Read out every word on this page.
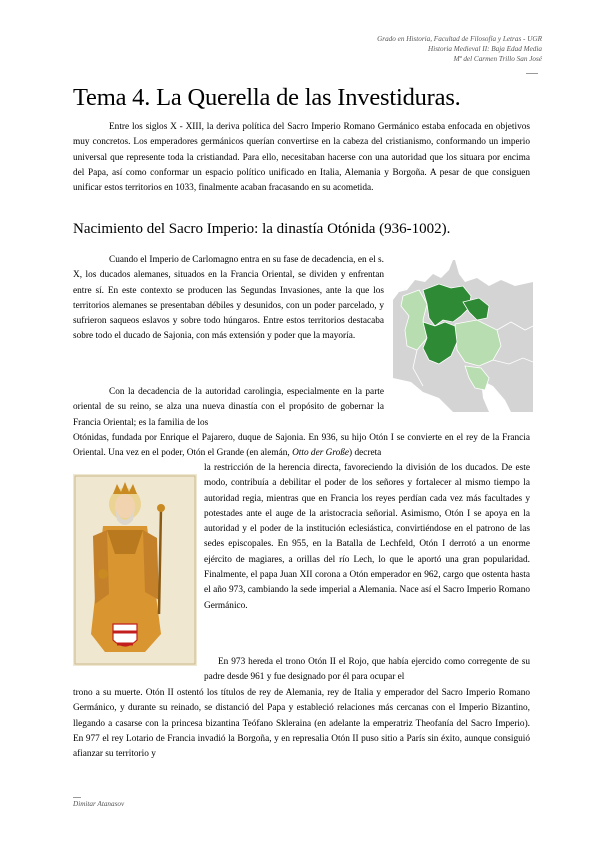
Grado en Historia, Facultad de Filosofía y Letras - UGR
Historia Medieval II: Baja Edad Media
Mª del Carmen Trillo San José
Tema 4. La Querella de las Investiduras.

Entre los siglos X - XIII, la deriva política del Sacro Imperio Romano Germánico estaba enfocada en objetivos muy concretos. Los emperadores germánicos querían convertirse en la cabeza del cristianismo, conformando un imperio universal que represente toda la cristiandad. Para ello, necesitaban hacerse con una autoridad que los situara por encima del Papa, así como conformar un espacio político unificado en Italia, Alemania y Borgoña. A pesar de que consiguen unificar estos territorios en 1033, finalmente acaban fracasando en su acometida.

Nacimiento del Sacro Imperio: la dinastía Otónida (936-1002).

Cuando el Imperio de Carlomagno entra en su fase de decadencia, en el s. X, los ducados alemanes, situados en la Francia Oriental, se dividen y enfrentan entre sí. En este contexto se producen las Segundas Invasiones, ante la que los territorios alemanes se presentaban débiles y desunidos, con un poder parcelado, y sufrieron saqueos eslavos y sobre todo húngaros. Entre estos territorios destacaba sobre todo el ducado de Sajonia, con más extensión y poder que la mayoría.

Con la decadencia de la autoridad carolingia, especialmente en la parte oriental de su reino, se alza una nueva dinastía con el propósito de gobernar la Francia Oriental; es la familia de los

Otónidas, fundada por Enrique el Pajarero, duque de Sajonia. En 936, su hijo Otón I se convierte en el rey de la Francia Oriental. Una vez en el poder, Otón el Grande (en alemán, Otto der Große) decreta

la restricción de la herencia directa, favoreciendo la división de los ducados. De este modo, contribuía a debilitar el poder de los señores y fortalecer al mismo tiempo la autoridad regia, mientras que en Francia los reyes perdían cada vez más facultades y potestades ante el auge de la aristocracia señorial. Asimismo, Otón I se apoya en la autoridad y el poder de la institución eclesiástica, convirtiéndose en el patrono de las sedes episcopales. En 955, en la Batalla de Lechfeld, Otón I derrotó a un enorme ejército de magiares, a orillas del río Lech, lo que le aportó una gran popularidad. Finalmente, el papa Juan XII corona a Otón emperador en 962, cargo que ostenta hasta el año 973, cambiando la sede imperial a Alemania. Nace así el Sacro Imperio Romano Germánico.

En 973 hereda el trono Otón II el Rojo, que había ejercido como corregente de su padre desde 961 y fue designado por él para ocupar el

trono a su muerte. Otón II ostentó los títulos de rey de Alemania, rey de Italia y emperador del Sacro Imperio Romano Germánico, y durante su reinado, se distanció del Papa y estableció relaciones más cercanas con el Imperio Bizantino, llegando a casarse con la princesa bizantina Teófano Sklerаina (en adelante la emperatriz Theofanía del Sacro Imperio). En 977 el rey Lotario de Francia invadió la Borgoña, y en represalia Otón II puso sitio a París sin éxito, aunque consiguió afianzar su territorio y

Dimitar Atanasov
